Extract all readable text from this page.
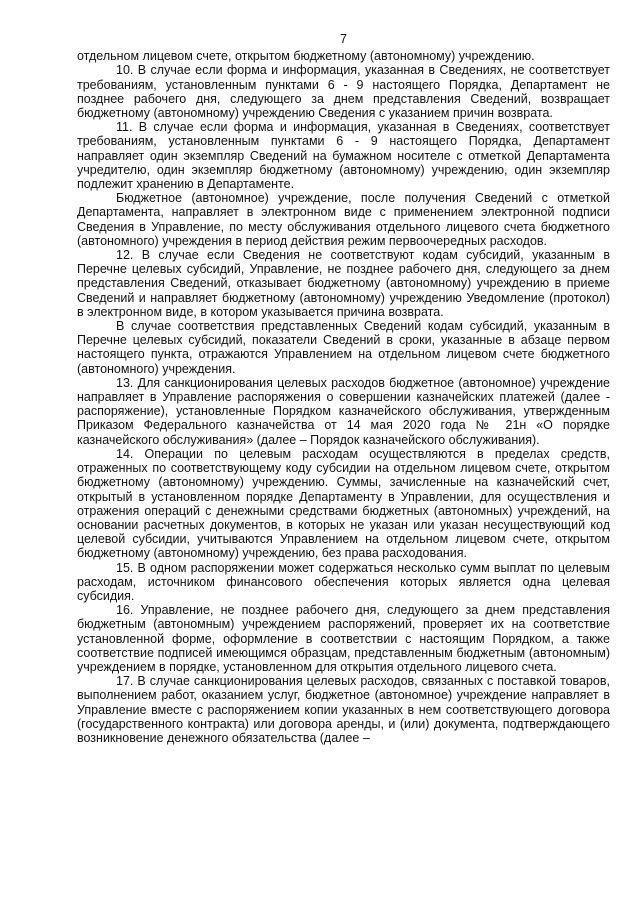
7

отдельном лицевом счете, открытом бюджетному (автономному) учреждению.

10. В случае если форма и информация, указанная в Сведениях, не соответствует требованиям, установленным пунктами 6 - 9 настоящего Порядка, Департамент не позднее рабочего дня, следующего за днем представления Сведений, возвращает бюджетному (автономному) учреждению Сведения с указанием причин возврата.

11. В случае если форма и информация, указанная в Сведениях, соответствует требованиям, установленным пунктами 6 - 9 настоящего Порядка, Департамент направляет один экземпляр Сведений на бумажном носителе с отметкой Департамента учредителю, один экземпляр бюджетному (автономному) учреждению, один экземпляр подлежит хранению в Департаменте.

Бюджетное (автономное) учреждение, после получения Сведений с отметкой Департамента, направляет в электронном виде с применением электронной подписи Сведения в Управление, по месту обслуживания отдельного лицевого счета бюджетного (автономного) учреждения в период действия режим первоочередных расходов.

12. В случае если Сведения не соответствуют кодам субсидий, указанным в Перечне целевых субсидий, Управление, не позднее рабочего дня, следующего за днем представления Сведений, отказывает бюджетному (автономному) учреждению в приеме Сведений и направляет бюджетному (автономному) учреждению Уведомление (протокол) в электронном виде, в котором указывается причина возврата.

В случае соответствия представленных Сведений кодам субсидий, указанным в Перечне целевых субсидий, показатели Сведений в сроки, указанные в абзаце первом настоящего пункта, отражаются Управлением на отдельном лицевом счете бюджетного (автономного) учреждения.

13. Для санкционирования целевых расходов бюджетное (автономное) учреждение направляет в Управление распоряжения о совершении казначейских платежей (далее - распоряжение), установленные Порядком казначейского обслуживания, утвержденным Приказом Федерального казначейства от 14 мая 2020 года № 21н «О порядке казначейского обслуживания» (далее – Порядок казначейского обслуживания).

14. Операции по целевым расходам осуществляются в пределах средств, отраженных по соответствующему коду субсидии на отдельном лицевом счете, открытом бюджетному (автономному) учреждению. Суммы, зачисленные на казначейский счет, открытый в установленном порядке Департаменту в Управлении, для осуществления и отражения операций с денежными средствами бюджетных (автономных) учреждений, на основании расчетных документов, в которых не указан или указан несуществующий код целевой субсидии, учитываются Управлением на отдельном лицевом счете, открытом бюджетному (автономному) учреждению, без права расходования.

15. В одном распоряжении может содержаться несколько сумм выплат по целевым расходам, источником финансового обеспечения которых является одна целевая субсидия.

16. Управление, не позднее рабочего дня, следующего за днем представления бюджетным (автономным) учреждением распоряжений, проверяет их на соответствие установленной форме, оформление в соответствии с настоящим Порядком, а также соответствие подписей имеющимся образцам, представленным бюджетным (автономным) учреждением в порядке, установленном для открытия отдельного лицевого счета.

17. В случае санкционирования целевых расходов, связанных с поставкой товаров, выполнением работ, оказанием услуг, бюджетное (автономное) учреждение направляет в Управление вместе с распоряжением копии указанных в нем соответствующего договора (государственного контракта) или договора аренды, и (или) документа, подтверждающего возникновение денежного обязательства (далее –
